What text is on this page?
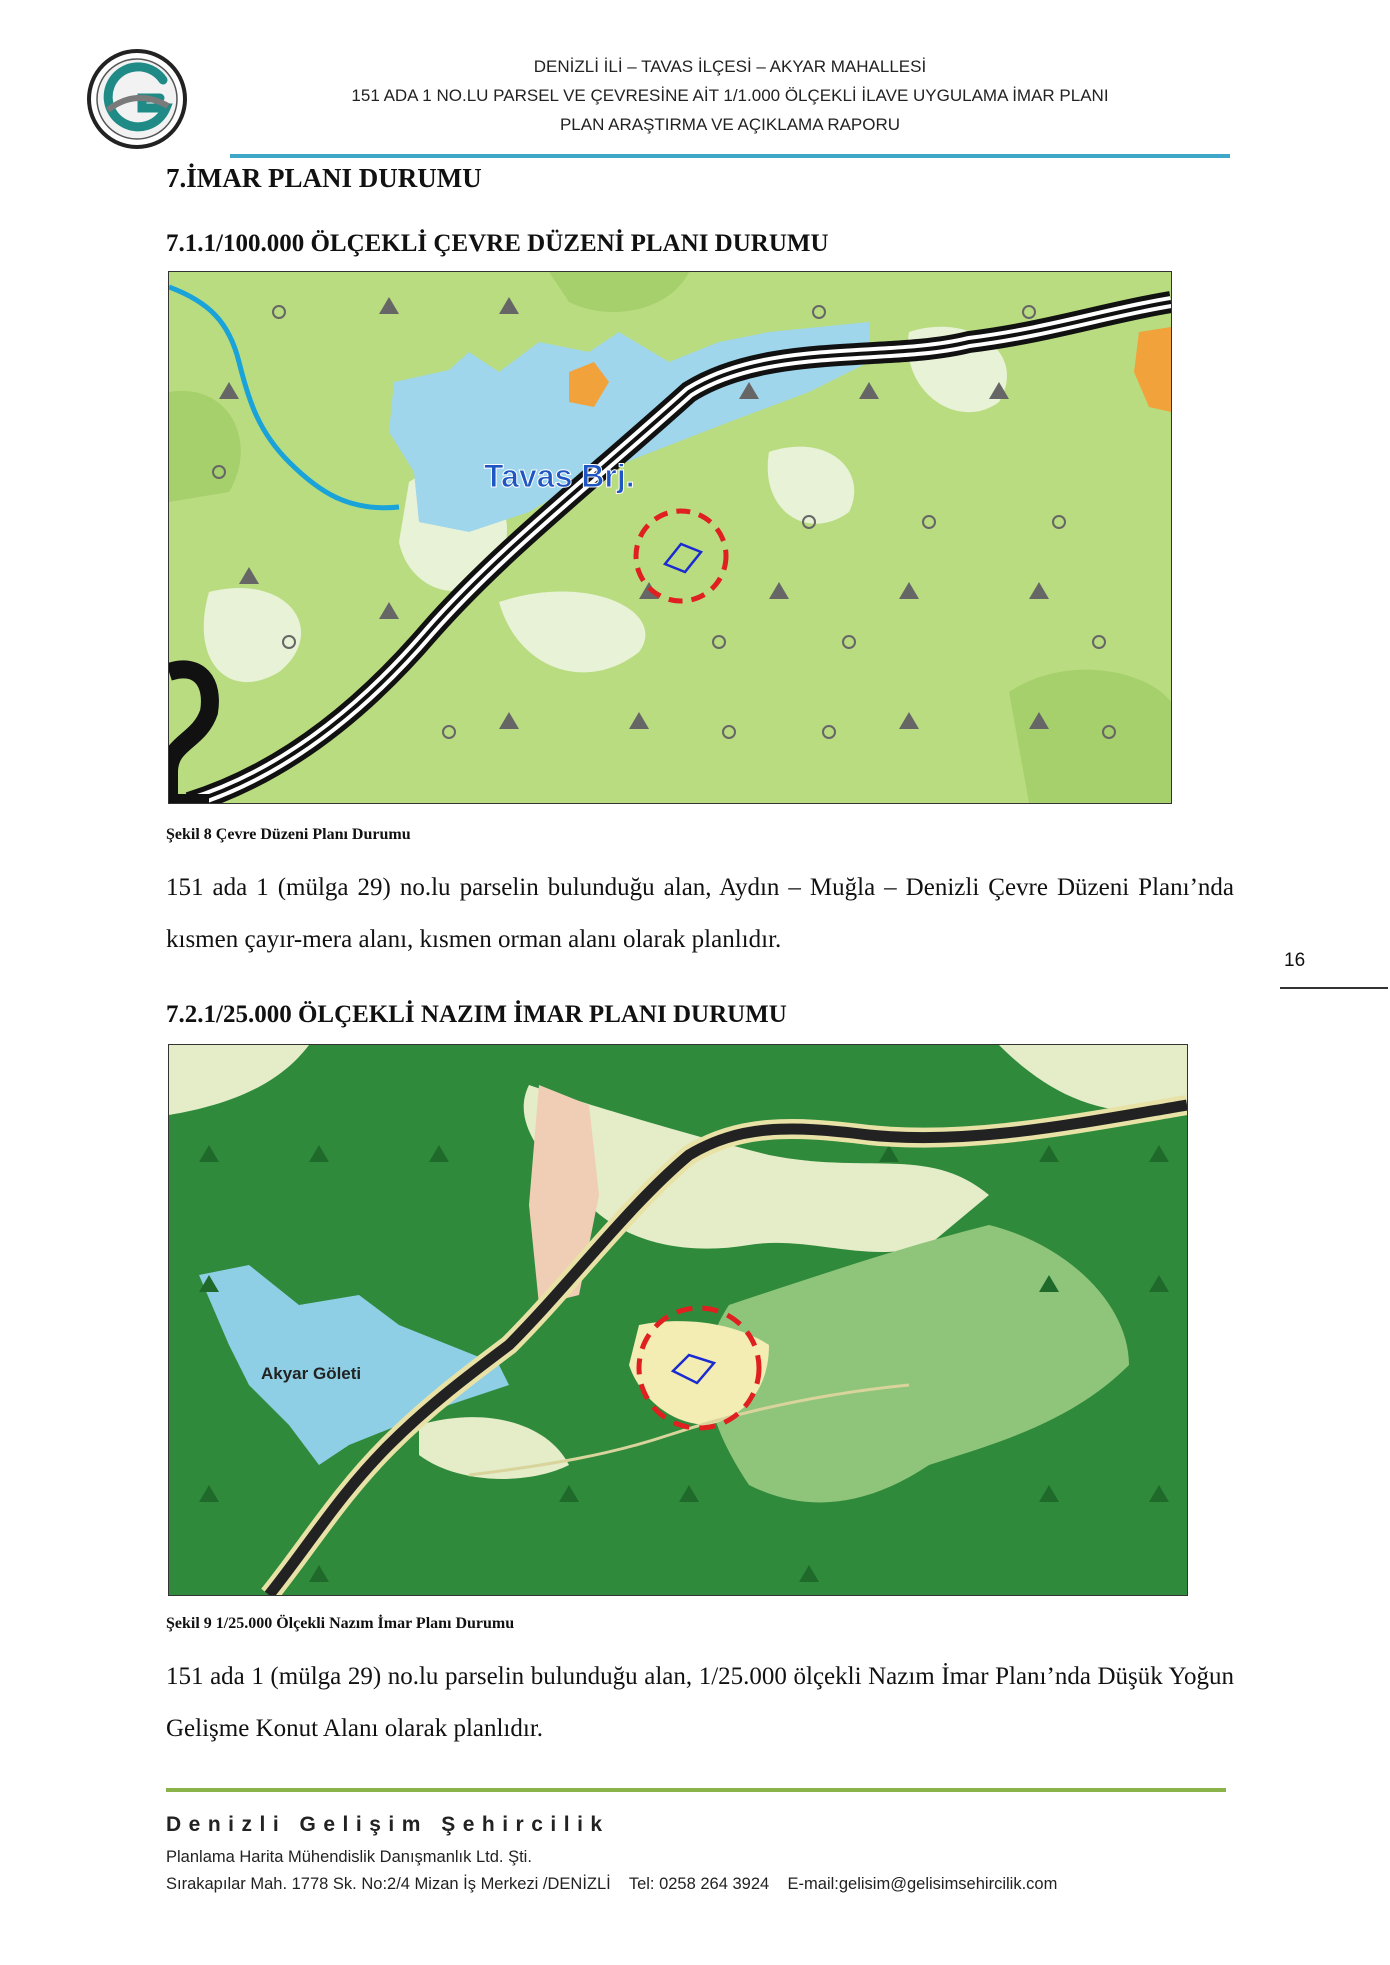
DENİZLİ İLİ – TAVAS İLÇESİ – AKYAR MAHALLESİ
151 ADA 1 NO.LU PARSEL VE ÇEVRESİNE AİT 1/1.000 ÖLÇEKLİ İLAVE UYGULAMA İMAR PLANI
PLAN ARAŞTIRMA VE AÇIKLAMA RAPORU
7.İMAR PLANI DURUMU
7.1.1/100.000 ÖLÇEKLİ ÇEVRE DÜZENİ PLANI DURUMU
Tavas Brj.
Şekil 8 Çevre Düzeni Planı Durumu

151 ada 1 (mülga 29) no.lu parselin bulunduğu alan, Aydın – Muğla – Denizli Çevre Düzeni Planı’nda kısmen çayır-mera alanı, kısmen orman alanı olarak planlıdır.

16
7.2.1/25.000 ÖLÇEKLİ NAZIM İMAR PLANI DURUMU
Akyar Göleti
Şekil 9 1/25.000 Ölçekli Nazım İmar Planı Durumu

151 ada 1 (mülga 29) no.lu parselin bulunduğu alan, 1/25.000 ölçekli Nazım İmar Planı’nda Düşük Yoğun Gelişme Konut Alanı olarak planlıdır.

Denizli Gelişim Şehircilik
Planlama Harita Mühendislik Danışmanlık Ltd. Şti.
Sırakapılar Mah. 1778 Sk. No:2/4 Mizan İş Merkezi /DENİZLİ Tel: 0258 264 3924 E-mail:gelisim@gelisimsehircilik.com
